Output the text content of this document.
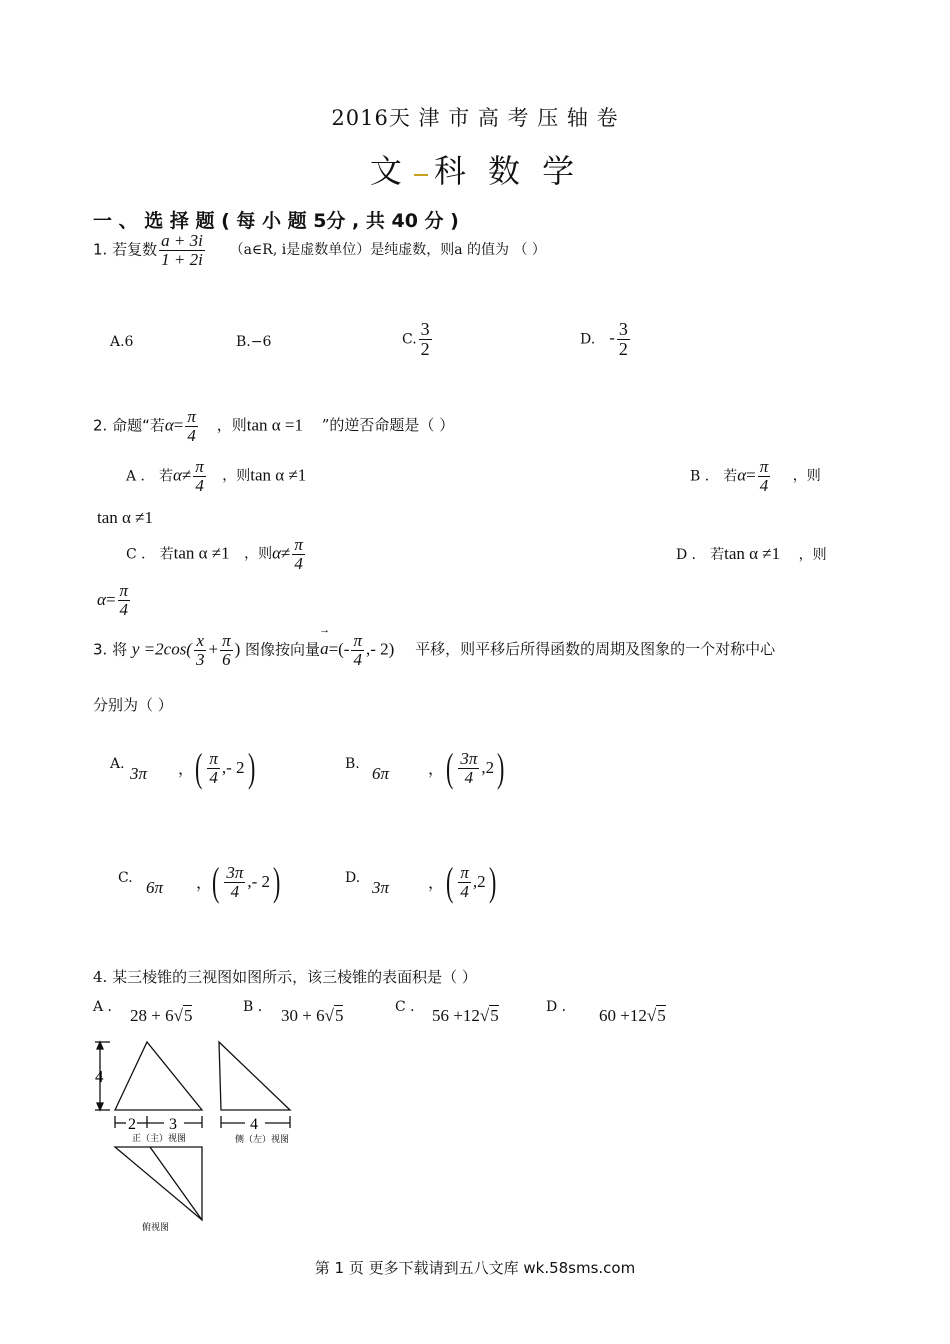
2016天 津 市 高 考 压 轴 卷
文 科 数 学
一 、 选 择 题 ( 每 小 题 5分 , 共 40 分 )
1. 若复数 $\frac{a + 3i}{1 + 2i}$ （a∈R, i是虚数单位）是纯虚数，则a 的值为 （ ）
A.6	B.−6	C. $\frac{3}{2}$	D. - $\frac{3}{2}$
2. 命题“若$\alpha= \frac{\pi}{4}$ ，则tan α =1 ”的逆否命题是（ ）
A ． 若$\alpha\ne \frac{\pi}{4}$ ，则tan α ≠1	B ． 若$\alpha= \frac{\pi}{4}$ ，则
tan α ≠1
C ． 若tan α ≠1 ，则$\alpha\ne \frac{\pi}{4}$	D ． 若tan α ≠1 ，则
$\alpha= \frac{\pi}{4}$
3. 将 $y =2\cos( \frac{x}{3} + \frac{\pi}{6}$ ) 图像按向量→ $a=(- \frac{\pi}{4}$ ,- 2) 平移，则平移后所得函数的周期及图象的一个对称中心
分别为（ ）
A. 3π ， ( $\frac{\pi}{4}$ ,- 2 )	B. 6π ， ( $\frac{3\pi}{4} ,2$ )
C. 6π ， ( $\frac{3\pi}{4}$ ,- 2 )	D. 3π ， ( $\frac{\pi}{4} ,2$ )
4. 某三棱锥的三视图如图所示，该三棱锥的表面积是（ ）
A ． 28 + 6√5	B ． 30 + 6√5	C ． 56 +12√5	D ． 60 +12√5
4
2 3
正（主）视图
4
侧（左）视图
俯视图
第 1 页 更多下载请到五八文库 wk.58sms.com
